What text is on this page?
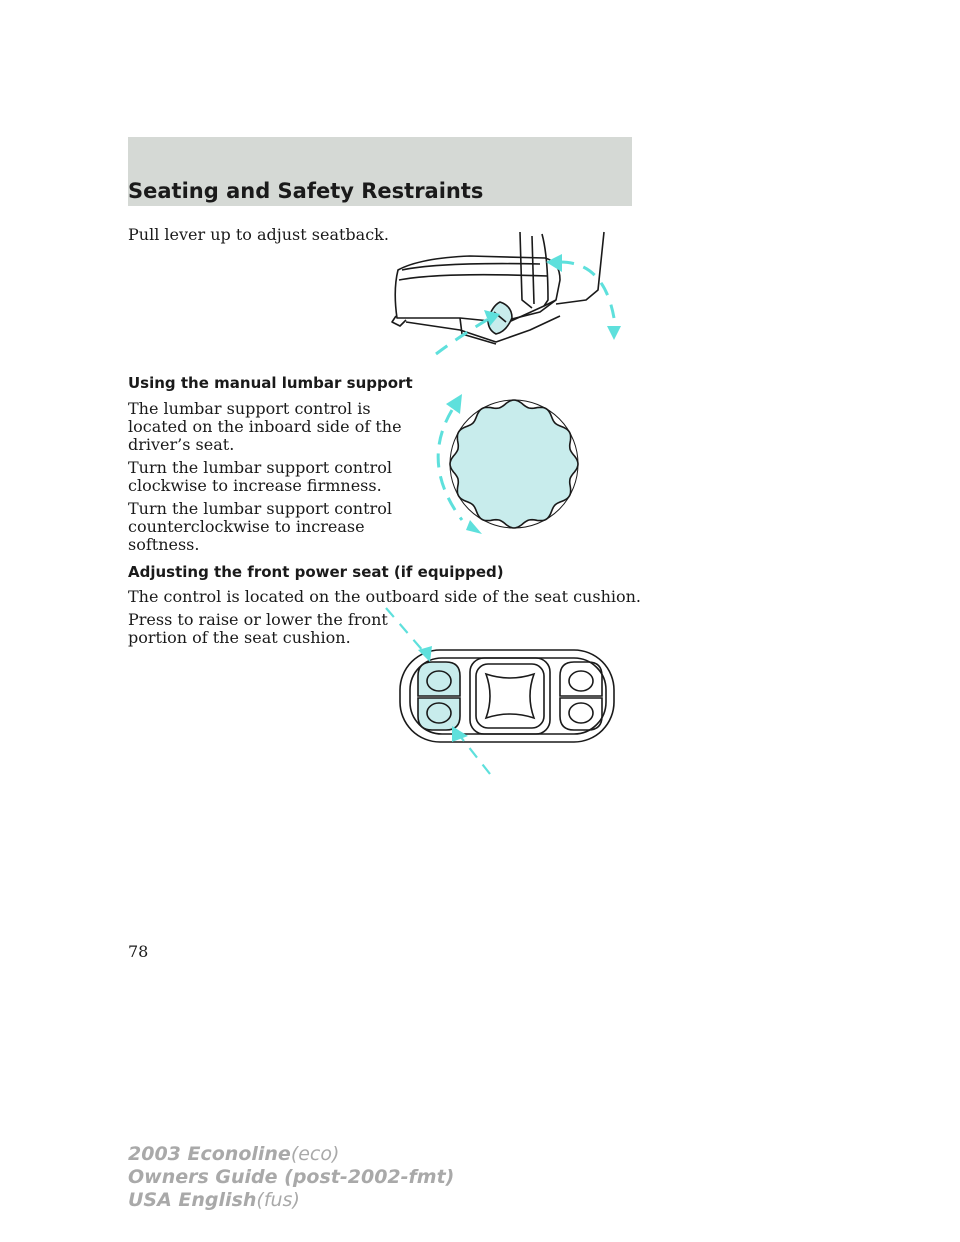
Seating and Safety Restraints
Pull lever up to adjust seatback.
Using the manual lumbar support
The lumbar support control is
located on the inboard side of the
driver’s seat.
Turn the lumbar support control
clockwise to increase firmness.
Turn the lumbar support control
counterclockwise to increase
softness.
Adjusting the front power seat (if equipped)
The control is located on the outboard side of the seat cushion.
Press to raise or lower the front
portion of the seat cushion.
78
2003 Econoline(eco)
Owners Guide (post-2002-fmt)
USA English(fus)
